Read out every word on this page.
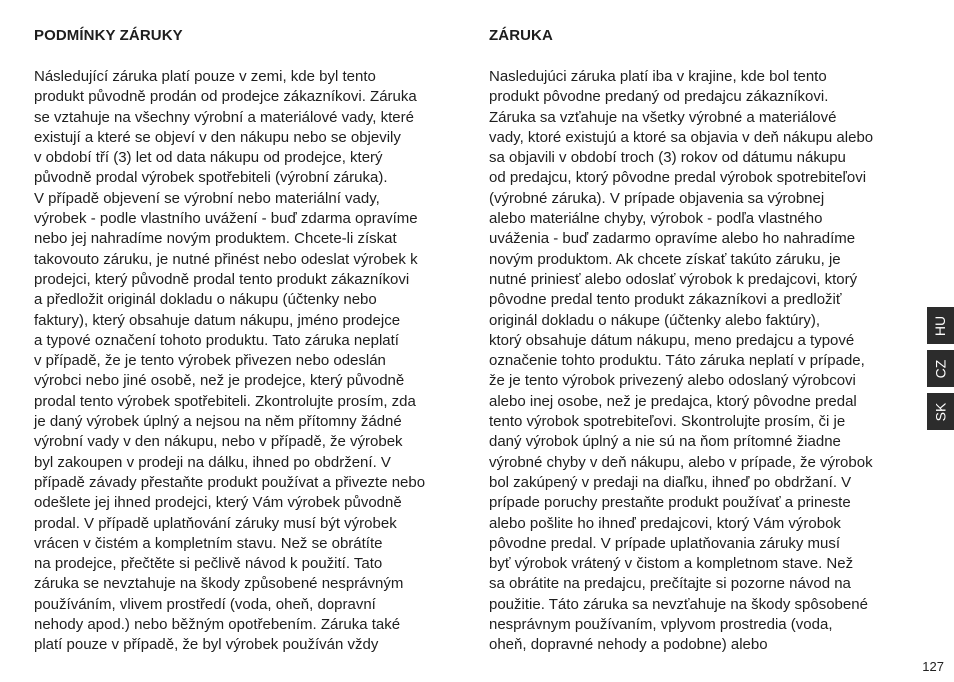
PODMÍNKY ZÁRUKY
Následující záruka platí pouze v zemi, kde byl tento
produkt původně prodán od prodejce zákazníkovi. Záruka
se vztahuje na všechny výrobní a materiálové vady, které
existují a které se objeví v den nákupu nebo se objevily
v období tří (3) let od data nákupu od prodejce, který
původně prodal výrobek spotřebiteli (výrobní záruka).
V případě objevení se výrobní nebo materiální vady,
výrobek - podle vlastního uvážení - buď zdarma opravíme
nebo jej nahradíme novým produktem. Chcete-li získat
takovouto záruku, je nutné přinést nebo odeslat výrobek k
prodejci, který původně prodal tento produkt zákazníkovi
a předložit originál dokladu o nákupu (účtenky nebo
faktury), který obsahuje datum nákupu, jméno prodejce
a typové označení tohoto produktu. Tato záruka neplatí
v případě, že je tento výrobek přivezen nebo odeslán
výrobci nebo jiné osobě, než je prodejce, který původně
prodal tento výrobek spotřebiteli. Zkontrolujte prosím, zda
je daný výrobek úplný a nejsou na něm přítomny žádné
výrobní vady v den nákupu, nebo v případě, že výrobek
byl zakoupen v prodeji na dálku, ihned po obdržení. V
případě závady přestaňte produkt používat a přivezte nebo
odešlete jej ihned prodejci, který Vám výrobek původně
prodal. V případě uplatňování záruky musí být výrobek
vrácen v čistém a kompletním stavu. Než se obrátíte
na prodejce, přečtěte si pečlivě návod k použití. Tato
záruka se nevztahuje na škody způsobené nesprávným
používáním, vlivem prostředí (voda, oheň, dopravní
nehody apod.) nebo běžným opotřebením. Záruka také
platí pouze v případě, že byl výrobek používán vždy
ZÁRUKA
Nasledujúci záruka platí iba v krajine, kde bol tento
produkt pôvodne predaný od predajcu zákazníkovi.
Záruka sa vzťahuje na všetky výrobné a materiálové
vady, ktoré existujú a ktoré sa objavia v deň nákupu alebo
sa objavili v období troch (3) rokov od dátumu nákupu
od predajcu, ktorý pôvodne predal výrobok spotrebiteľovi
(výrobné záruka). V prípade objavenia sa výrobnej
alebo materiálne chyby, výrobok - podľa vlastného
uváženia - buď zadarmo opravíme alebo ho nahradíme
novým produktom. Ak chcete získať takúto záruku, je
nutné priniesť alebo odoslať výrobok k predajcovi, ktorý
pôvodne predal tento produkt zákazníkovi a predložiť
originál dokladu o nákupe (účtenky alebo faktúry),
ktorý obsahuje dátum nákupu, meno predajcu a typové
označenie tohto produktu. Táto záruka neplatí v prípade,
že je tento výrobok privezený alebo odoslaný výrobcovi
alebo inej osobe, než je predajca, ktorý pôvodne predal
tento výrobok spotrebiteľovi. Skontrolujte prosím, či je
daný výrobok úplný a nie sú na ňom prítomné žiadne
výrobné chyby v deň nákupu, alebo v prípade, že výrobok
bol zakúpený v predaji na diaľku, ihneď po obdržaní. V
prípade poruchy prestaňte produkt používať a prineste
alebo pošlite ho ihneď predajcovi, ktorý Vám výrobok
pôvodne predal. V prípade uplatňovania záruky musí
byť výrobok vrátený v čistom a kompletnom stave. Než
sa obrátite na predajcu, prečítajte si pozorne návod na
použitie. Táto záruka sa nevzťahuje na škody spôsobené
nesprávnym používaním, vplyvom prostredia (voda,
oheň, dopravné nehody a podobne) alebo
HU
CZ
SK
127
